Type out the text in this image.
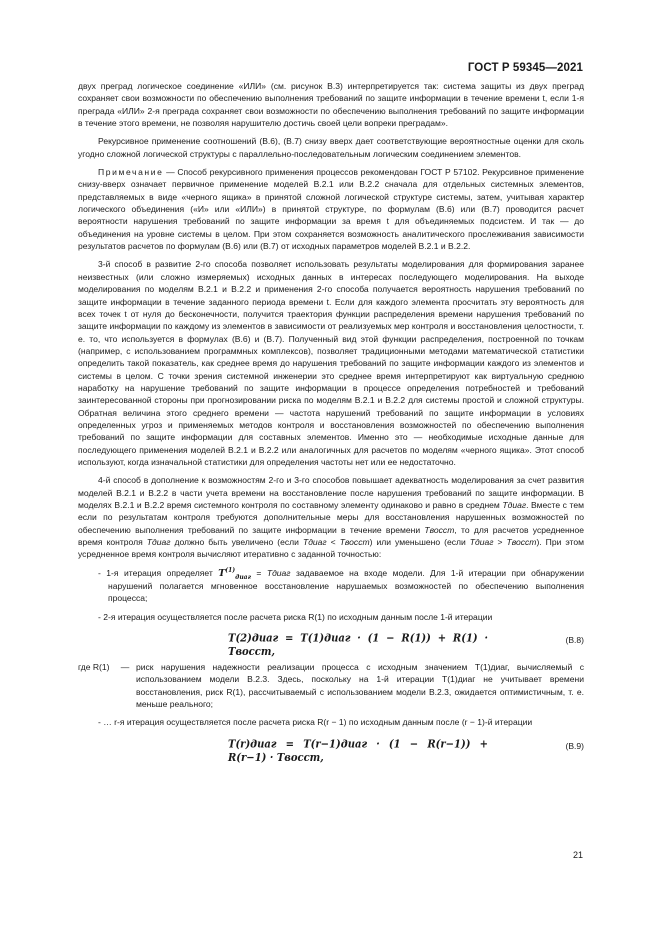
ГОСТ Р 59345—2021

двух преград логическое соединение «ИЛИ» (см. рисунок В.3) интерпретируется так: система защиты из двух преград сохраняет свои возможности по обеспечению выполнения требований по защите информации в течение времени t, если 1-я преграда «ИЛИ» 2-я преграда сохраняет свои возможности по обеспечению выполнения требований по защите информации в течение этого времени, не позволяя нарушителю достичь своей цели вопреки преградам».

Рекурсивное применение соотношений (В.6), (В.7) снизу вверх дает соответствующие вероятностные оценки для сколь угодно сложной логической структуры с параллельно-последовательным логическим соединением элементов.

Примечание — Способ рекурсивного применения процессов рекомендован ГОСТ Р 57102. Рекурсивное применение снизу-вверх означает первичное применение моделей В.2.1 или В.2.2 сначала для отдельных системных элементов, представляемых в виде «черного ящика» в принятой сложной логической структуре системы, затем, учитывая характер логического объединения («И» или «ИЛИ») в принятой структуре, по формулам (В.6) или (В.7) проводится расчет вероятности нарушения требований по защите информации за время t для объединяемых подсистем. И так — до объединения на уровне системы в целом. При этом сохраняется возможность аналитического прослеживания зависимости результатов расчетов по формулам (В.6) или (В.7) от исходных параметров моделей В.2.1 и В.2.2.

3-й способ в развитие 2-го способа позволяет использовать результаты моделирования для формирования заранее неизвестных (или сложно измеряемых) исходных данных в интересах последующего моделирования. На выходе моделирования по моделям В.2.1 и В.2.2 и применения 2-го способа получается вероятность нарушения требований по защите информации в течение заданного периода времени t. Если для каждого элемента просчитать эту вероятность для всех точек t от нуля до бесконечности, получится траектория функции распределения времени нарушения требований по защите информации по каждому из элементов в зависимости от реализуемых мер контроля и восстановления целостности, т. е. то, что используется в формулах (В.6) и (В.7). Полученный вид этой функции распределения, построенной по точкам (например, с использованием программных комплексов), позволяет традиционными методами математической статистики определить такой показатель, как среднее время до нарушения требований по защите информации каждого из элементов и системы в целом. С точки зрения системной инженерии это среднее время интерпретируют как виртуальную среднюю наработку на нарушение требований по защите информации в процессе определения потребностей и требований заинтересованной стороны при прогнозировании риска по моделям В.2.1 и В.2.2 для системы простой и сложной структуры. Обратная величина этого среднего времени — частота нарушений требований по защите информации в условиях определенных угроз и применяемых методов контроля и восстановления возможностей по обеспечению выполнения требований по защите информации для составных элементов. Именно это — необходимые исходные данные для последующего применения моделей В.2.1 и В.2.2 или аналогичных для расчетов по моделям «черного ящика». Этот способ используют, когда изначальной статистики для определения частоты нет или ее недостаточно.

4-й способ в дополнение к возможностям 2-го и 3-го способов повышает адекватность моделирования за счет развития моделей В.2.1 и В.2.2 в части учета времени на восстановление после нарушения требований по защите информации. В моделях В.2.1 и В.2.2 время системного контроля по составному элементу одинаково и равно в среднем Tдиаг. Вместе с тем если по результатам контроля требуются дополнительные меры для восстановления нарушенных возможностей по обеспечению выполнения требований по защите информации в течение времени Tвосст, то для расчетов усредненное время контроля Tдиаг должно быть увеличено (если Tдиаг < Tвосст) или уменьшено (если Tдиаг > Tвосст). При этом усредненное время контроля вычисляют итеративно с заданной точностью:

- 1-я итерация определяет $T^{(1)}_{диаг}$ = Tдиаг задаваемое на входе модели. Для 1-й итерации при обнаружении нарушений полагается мгновенное восстановление нарушаемых возможностей по обеспечению выполнения процесса;

- 2-я итерация осуществляется после расчета риска R(1) по исходным данным после 1-й итерации

T(2)диаг = T(1)диаг · (1 − R(1)) + R(1) · Tвосст,
(В.8)
где R(1)	— риск нарушения надежности реализации процесса с исходным значением T(1)диаг, вычисляемый с использованием модели В.2.3. Здесь, поскольку на 1-й итерации T(1)диаг не учитывает времени восстановления, риск R(1), рассчитываемый с использованием модели В.2.3, ожидается оптимистичным, т. е. меньше реального;

- … r-я итерация осуществляется после расчета риска R(r − 1) по исходным данным после (r − 1)-й итерации

T(r)диаг = T(r−1)диаг · (1 − R(r−1)) + R(r−1) · Tвосст,
(В.9)
21
